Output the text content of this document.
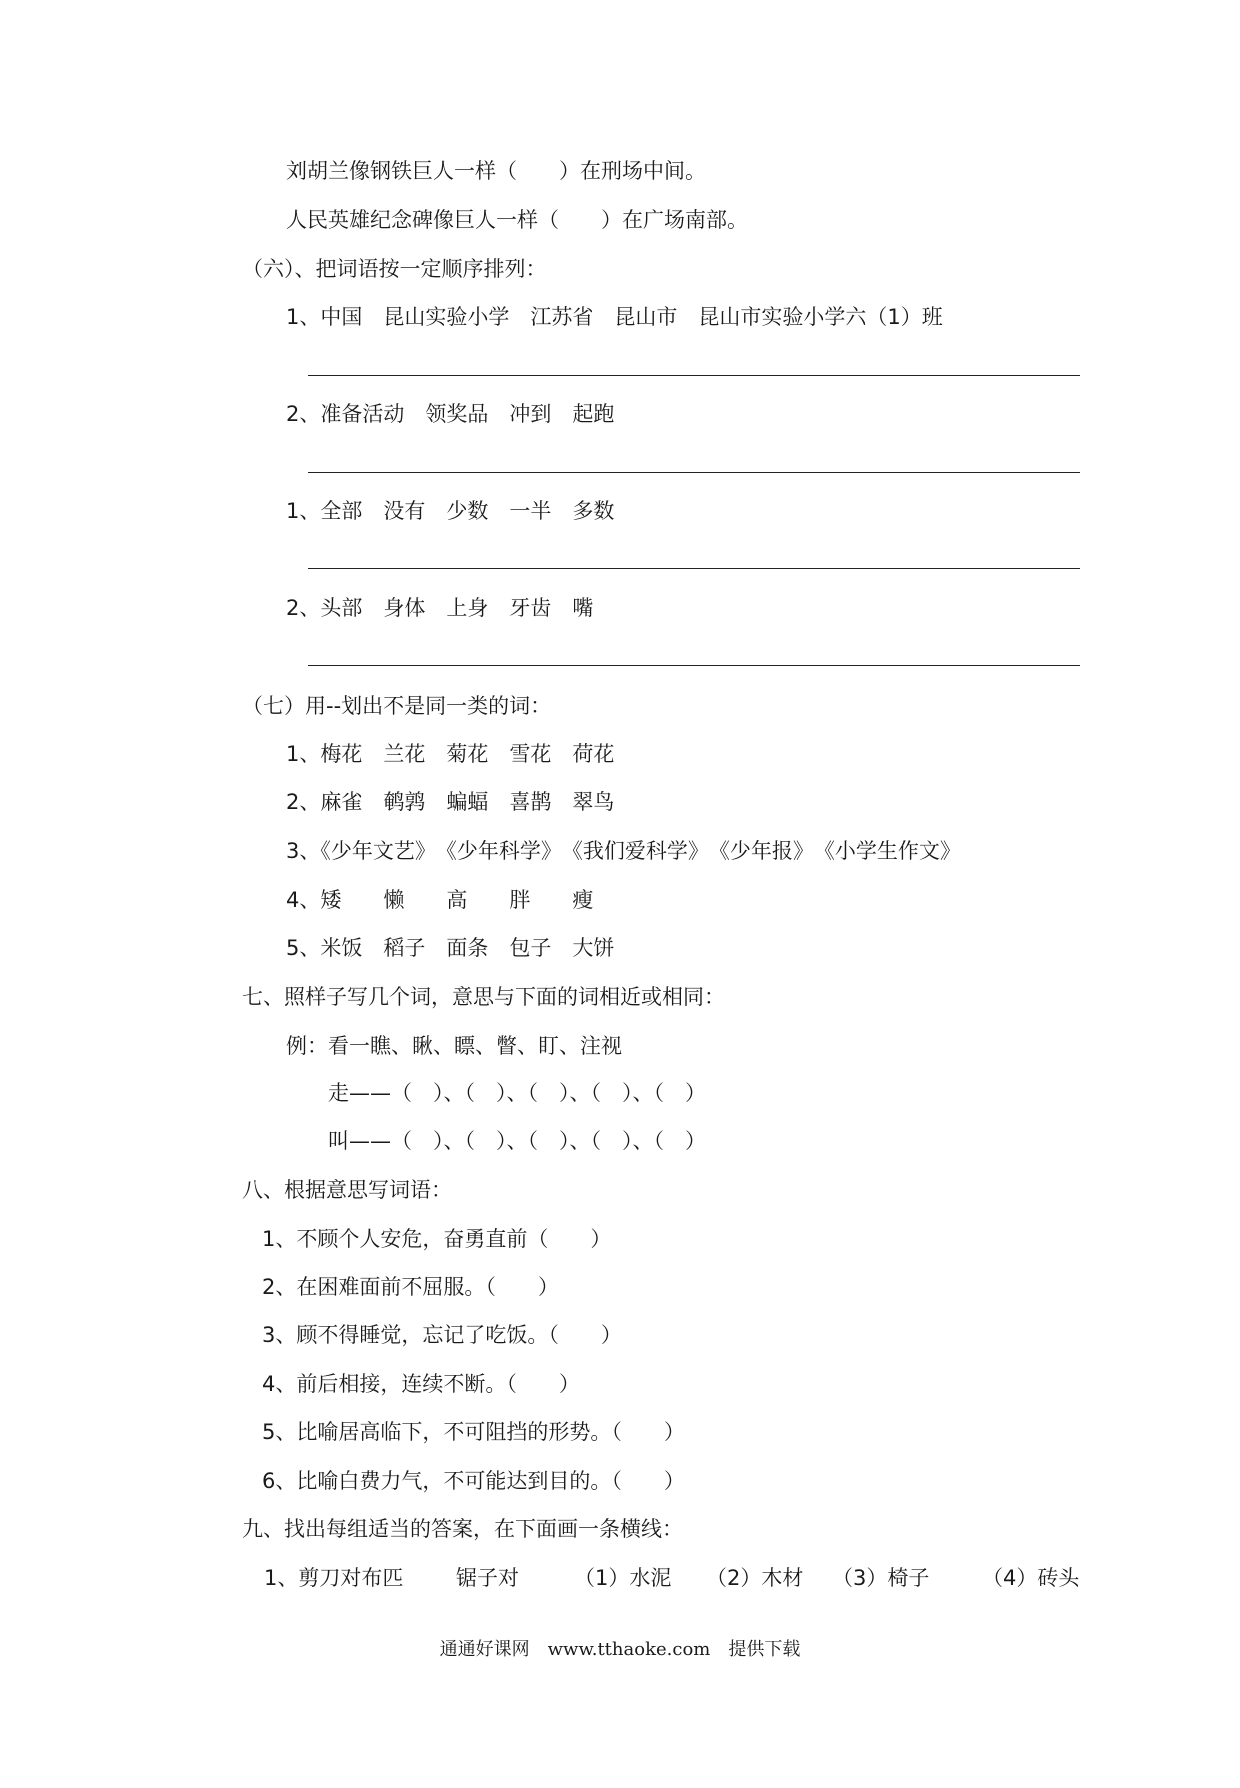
刘胡兰像钢铁巨人一样（　　）在刑场中间。
人民英雄纪念碑像巨人一样（　　）在广场南部。
（六）、把词语按一定顺序排列：
1、中国　昆山实验小学　江苏省　昆山市　昆山市实验小学六（1）班
2、准备活动　领奖品　冲到　起跑
1、全部　没有　少数　一半　多数
2、头部　身体　上身　牙齿　嘴
（七）用--划出不是同一类的词：
1、梅花　兰花　菊花　雪花　荷花
2、麻雀　鹌鹑　蝙蝠　喜鹊　翠鸟
3、《少年文艺》　《少年科学》　《我们爱科学》　《少年报》　《小学生作文》
4、矮　　懒　　高　　胖　　瘦
5、米饭　稻子　面条　包子　大饼
七、照样子写几个词，意思与下面的词相近或相同：
例：看一瞧、瞅、瞟、瞥、盯、注视
走——（　）、（　）、（　）、（　）、（　）
叫——（　）、（　）、（　）、（　）、（　）
八、根据意思写词语：
1、不顾个人安危，奋勇直前（　　）
2、在困难面前不屈服。（　　）
3、顾不得睡觉，忘记了吃饭。（　　）
4、前后相接，连续不断。（　　）
5、比喻居高临下，不可阻挡的形势。（　　）
6、比喻白费力气，不可能达到目的。（　　）
九、找出每组适当的答案，在下面画一条横线：

1、剪刀对布匹

	锯子对

	（1）水泥

（2）木材

（3）椅子

	（4）砖头

通通好课网　www.tthaoke.com　提供下载
